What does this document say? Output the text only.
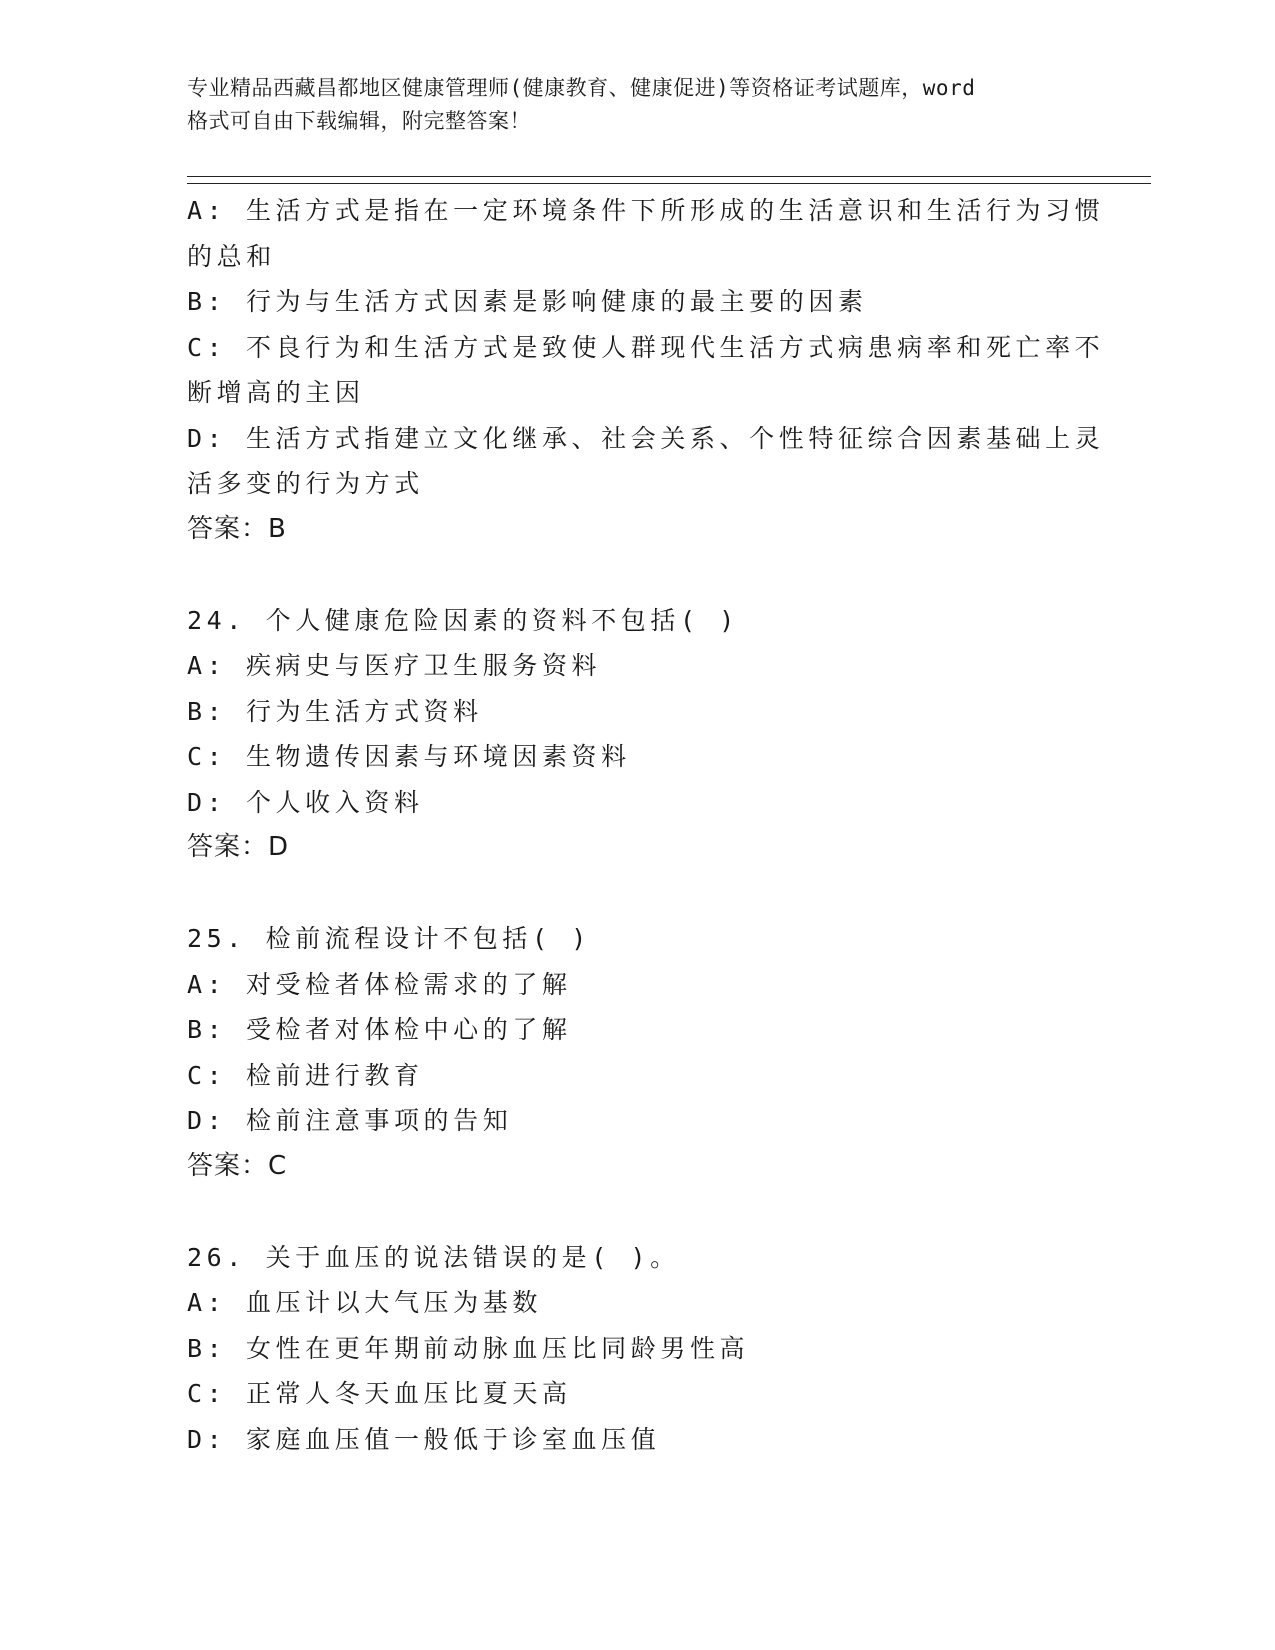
专业精品西藏昌都地区健康管理师(健康教育、健康促进)等资格证考试题库，word
格式可自由下载编辑，附完整答案！
A: 生活方式是指在一定环境条件下所形成的生活意识和生活行为习惯
的总和
B: 行为与生活方式因素是影响健康的最主要的因素
C: 不良行为和生活方式是致使人群现代生活方式病患病率和死亡率不
断增高的主因
D: 生活方式指建立文化继承、社会关系、个性特征综合因素基础上灵
活多变的行为方式
答案：B
24. 个人健康危险因素的资料不包括( )
A: 疾病史与医疗卫生服务资料
B: 行为生活方式资料
C: 生物遗传因素与环境因素资料
D: 个人收入资料
答案：D
25. 检前流程设计不包括( )
A: 对受检者体检需求的了解
B: 受检者对体检中心的了解
C: 检前进行教育
D: 检前注意事项的告知
答案：C
26. 关于血压的说法错误的是( )。
A: 血压计以大气压为基数
B: 女性在更年期前动脉血压比同龄男性高
C: 正常人冬天血压比夏天高
D: 家庭血压值一般低于诊室血压值
